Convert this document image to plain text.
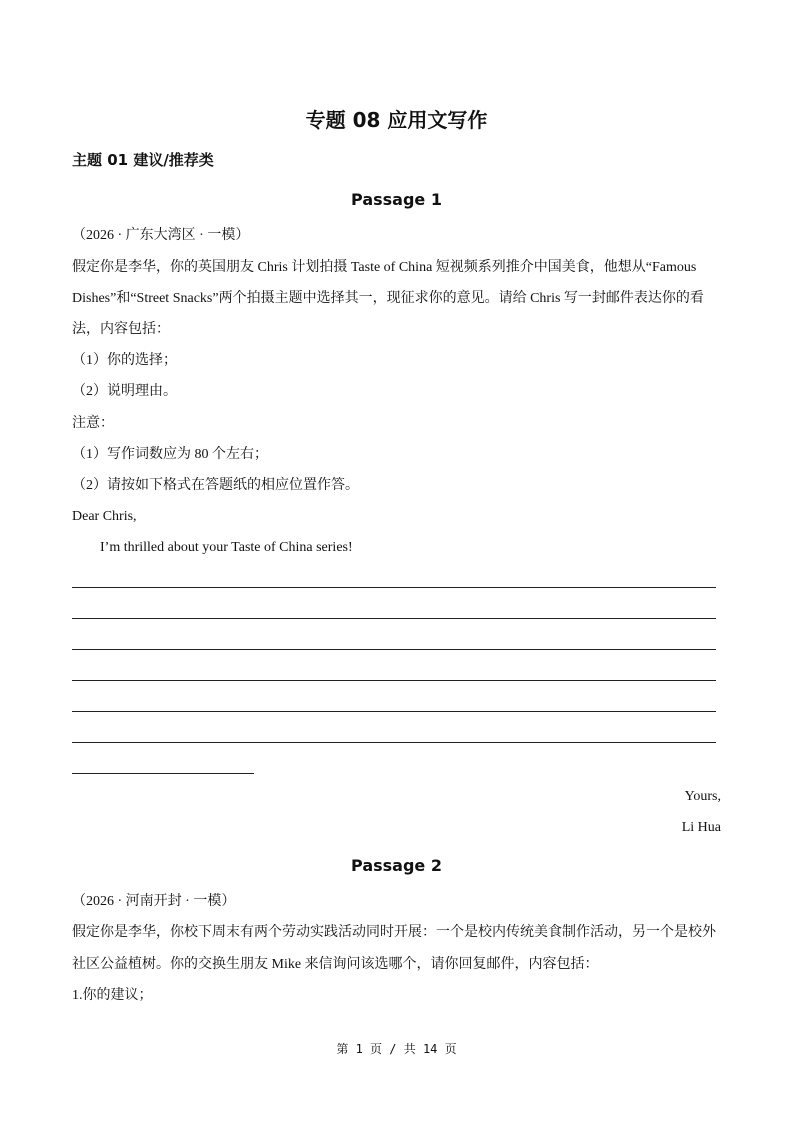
专题 08 应用文写作
主题 01 建议/推荐类
Passage 1
（2026 · 广东大湾区 · 一模）
假定你是李华，你的英国朋友 Chris 计划拍摄 Taste of China 短视频系列推介中国美食，他想从“Famous
Dishes”和“Street Snacks”两个拍摄主题中选择其一，现征求你的意见。请给 Chris 写一封邮件表达你的看
法，内容包括：
（1）你的选择；
（2）说明理由。
注意：
（1）写作词数应为 80 个左右；
（2）请按如下格式在答题纸的相应位置作答。
Dear Chris,
I’m thrilled about your Taste of China series!
Yours,
Li Hua
Passage 2
（2026 · 河南开封 · 一模）
假定你是李华，你校下周末有两个劳动实践活动同时开展：一个是校内传统美食制作活动，另一个是校外
社区公益植树。你的交换生朋友 Mike 来信询问该选哪个，请你回复邮件，内容包括：
1.你的建议；
第 1 页 / 共 14 页
